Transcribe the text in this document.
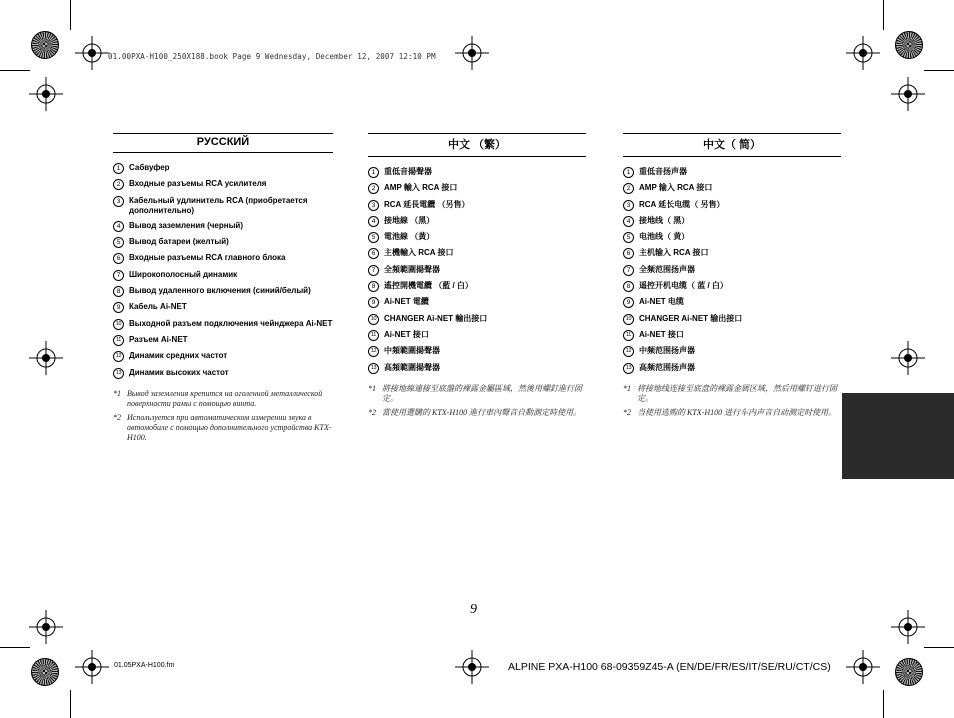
01.00PXA-H100_250X188.book Page 9 Wednesday, December 12, 2007 12:10 PM
РУССКИЙ
1	Сабвуфер
2	Входные разъемы RCA усилителя
3	Кабельный удлинитель RCA (приобретается дополнительно)
4	Вывод заземления (черный)
5	Вывод батареи (желтый)
6	Входные разъемы RCA главного блока
7	Широкополосный динамик
8	Вывод удаленного включения (синий/белый)
9	Кабель Ai-NET
10 Выходной разъем подключения чейнджера Ai-NET
11 Разъем Ai-NET
12 Динамик средних частот
13 Динамик высоких частот
*1 Вывод заземления крепится на оголенной металлической поверхности рамы с помощью винта.
*2 Используется при автоматическом измерении звука в автомобиле с помощью дополнительного устройства KTX-H100.
中文 （繁）
1	重低音揚聲器
2	AMP 輸入 RCA 接口
3	RCA 延長電纜 （另售）
4	接地線 （黑）
5	電池線 （黃）
6	主機輸入 RCA 接口
7	全頻範圍揚聲器
8	遙控開機電纜 （藍 / 白）
9	Ai-NET 電纜
10 CHANGER Ai-NET 輸出接口
11 Ai-NET 接口
12 中頻範圍揚聲器
13 高頻範圍揚聲器
*1 將接地線連接至底盤的裸露金屬區域，然後用螺釘進行固定。
*2 當使用選購的 KTX-H100 進行車內聲音自動測定時使用。
中文（ 简）
1	重低音扬声器
2	AMP 输入 RCA 接口
3	RCA 延长电缆（ 另售）
4	接地线（ 黑）
5	电池线（ 黄）
6	主机输入 RCA 接口
7	全频范围扬声器
8	遥控开机电缆（ 蓝 / 白）
9	Ai-NET 电缆
10 CHANGER Ai-NET 输出接口
11 Ai-NET 接口
12 中频范围扬声器
13 高频范围扬声器
*1 将接地线连接至底盘的裸露金属区域，然后用螺钉进行固定。
*2 当使用选购的 KTX-H100 进行车内声音自动测定时使用。
9
01.05PXA-H100.fm	ALPINE PXA-H100 68-09359Z45-A (EN/DE/FR/ES/IT/SE/RU/CT/CS)
